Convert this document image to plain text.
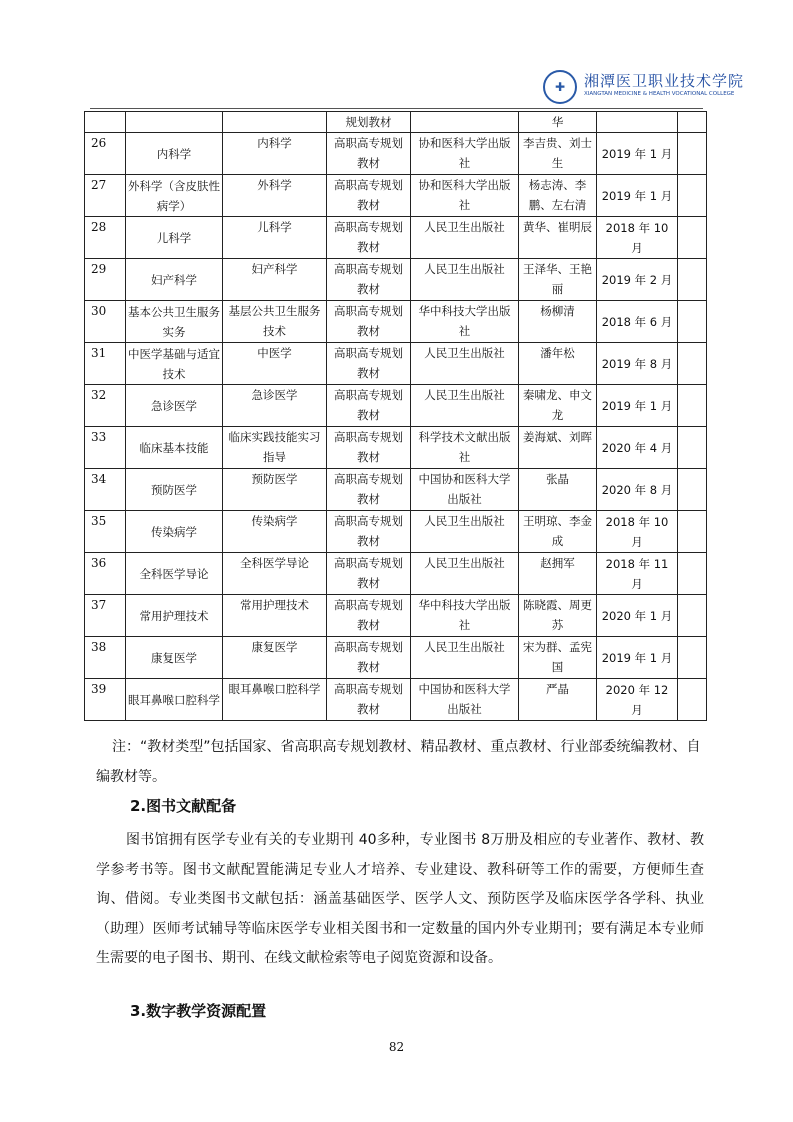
✚	湘潭医卫职业技术学院
XIANGTAN MEDICINE & HEALTH VOCATIONAL COLLEGE
			规划教材		华		
26	内科学	内科学	高职高专规划教材	协和医科大学出版社	李吉贵、刘士生	2019 年 1 月	
27	外科学（含皮肤性病学）	外科学	高职高专规划教材	协和医科大学出版社	杨志涛、李鹏、左右清	2019 年 1 月	
28	儿科学	儿科学	高职高专规划教材	人民卫生出版社	黄华、崔明辰	2018 年 10 月	
29	妇产科学	妇产科学	高职高专规划教材	人民卫生出版社	王泽华、王艳丽	2019 年 2 月	
30	基本公共卫生服务实务	基层公共卫生服务技术	高职高专规划教材	华中科技大学出版社	杨柳清	2018 年 6 月	
31	中医学基础与适宜技术	中医学	高职高专规划教材	人民卫生出版社	潘年松	2019 年 8 月	
32	急诊医学	急诊医学	高职高专规划教材	人民卫生出版社	秦啸龙、申文龙	2019 年 1 月	
33	临床基本技能	临床实践技能实习指导	高职高专规划教材	科学技术文献出版社	姜海斌、刘晖	2020 年 4 月	
34	预防医学	预防医学	高职高专规划教材	中国协和医科大学出版社	张晶	2020 年 8 月	
35	传染病学	传染病学	高职高专规划教材	人民卫生出版社	王明琼、李金成	2018 年 10 月	
36	全科医学导论	全科医学导论	高职高专规划教材	人民卫生出版社	赵拥军	2018 年 11 月	
37	常用护理技术	常用护理技术	高职高专规划教材	华中科技大学出版社	陈晓霞、周更苏	2020 年 1 月	
38	康复医学	康复医学	高职高专规划教材	人民卫生出版社	宋为群、孟宪国	2019 年 1 月	
39	眼耳鼻喉口腔科学	眼耳鼻喉口腔科学	高职高专规划教材	中国协和医科大学出版社	严晶	2020 年 12 月	
注：“教材类型”包括国家、省高职高专规划教材、精品教材、重点教材、行业部委统编教材、自编教材等。
2.图书文献配备
图书馆拥有医学专业有关的专业期刊 40多种，专业图书 8万册及相应的专业著作、教材、教学参考书等。图书文献配置能满足专业人才培养、专业建设、教科研等工作的需要，方便师生查询、借阅。专业类图书文献包括：涵盖基础医学、医学人文、预防医学及临床医学各学科、执业（助理）医师考试辅导等临床医学专业相关图书和一定数量的国内外专业期刊；要有满足本专业师生需要的电子图书、期刊、在线文献检索等电子阅览资源和设备。
3.数字教学资源配置
82
